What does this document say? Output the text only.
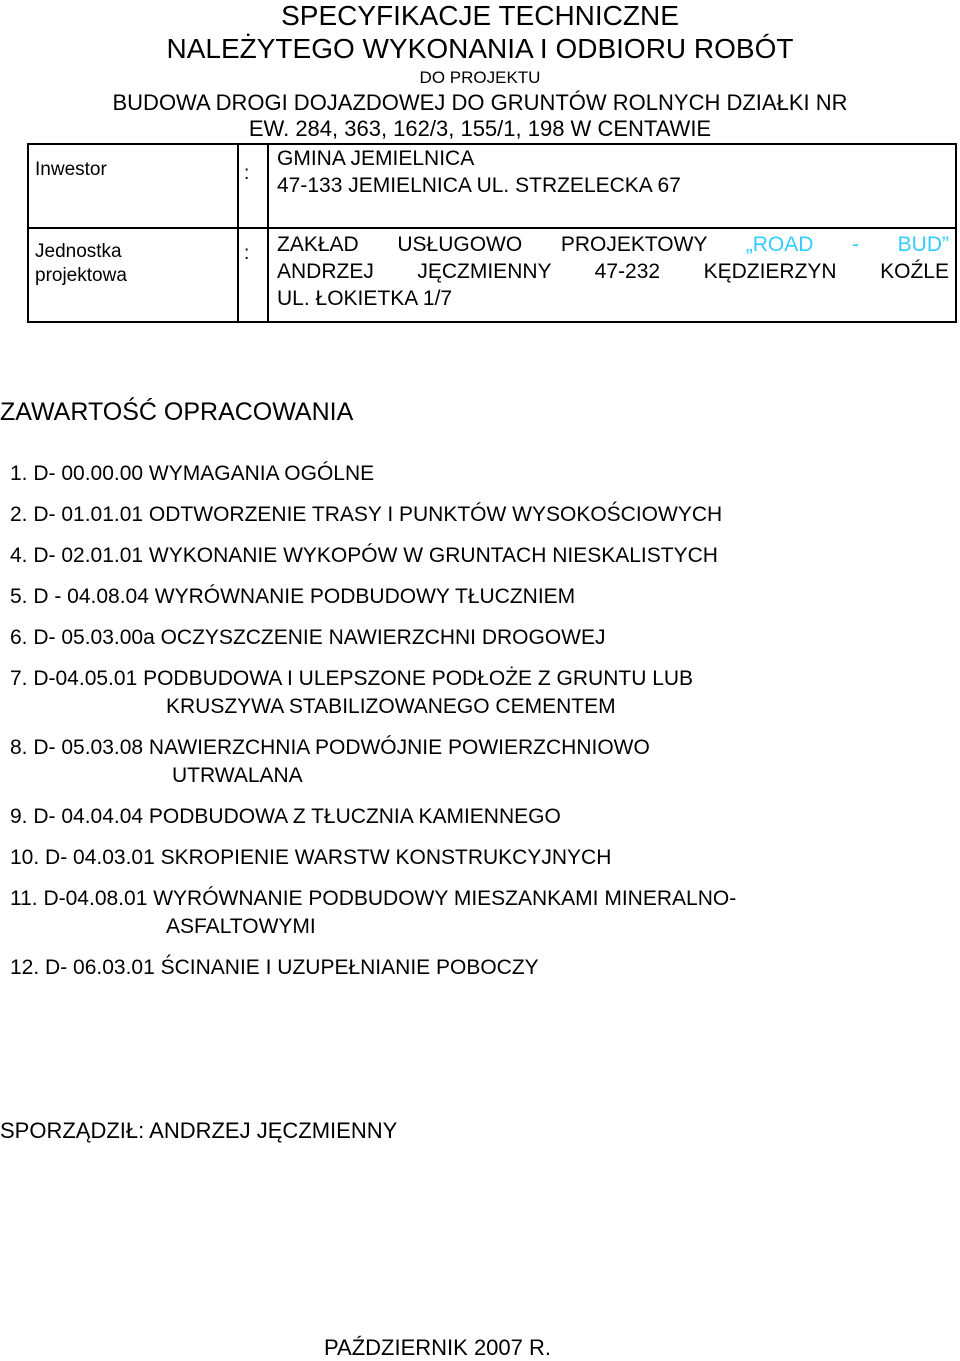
SPECYFIKACJE TECHNICZNE
NALEŻYTEGO WYKONANIA I ODBIORU ROBÓT
DO PROJEKTU
BUDOWA DROGI DOJAZDOWEJ DO GRUNTÓW ROLNYCH DZIAŁKI NR
EW. 284, 363, 162/3, 155/1, 198 W CENTAWIE
Inwestor	:
GMINA JEMIELNICA
47-133 JEMIELNICA UL. STRZELECKA 67
Jednostka
projektowa
: ZAKŁAD USŁUGOWO PROJEKTOWY „ROAD - BUD”
ANDRZEJ JĘCZMIENNY 47-232 KĘDZIERZYN KOŹLE
UL. ŁOKIETKA 1/7
ZAWARTOŚĆ OPRACOWANIA
1. D- 00.00.00 WYMAGANIA OGÓLNE
2. D- 01.01.01 ODTWORZENIE TRASY I PUNKTÓW WYSOKOŚCIOWYCH
4. D- 02.01.01 WYKONANIE WYKOPÓW W GRUNTACH NIESKALISTYCH
5. D - 04.08.04 WYRÓWNANIE PODBUDOWY TŁUCZNIEM
6. D- 05.03.00a OCZYSZCZENIE NAWIERZCHNI DROGOWEJ
7. D-04.05.01 PODBUDOWA I ULEPSZONE PODŁOŻE Z GRUNTU LUB
KRUSZYWA STABILIZOWANEGO CEMENTEM
8. D- 05.03.08 NAWIERZCHNIA PODWÓJNIE POWIERZCHNIOWO
UTRWALANA
9. D- 04.04.04 PODBUDOWA Z TŁUCZNIA KAMIENNEGO
10. D- 04.03.01 SKROPIENIE WARSTW KONSTRUKCYJNYCH
11. D-04.08.01 WYRÓWNANIE PODBUDOWY MIESZANKAMI MINERALNO-
ASFALTOWYMI
12. D- 06.03.01 ŚCINANIE I UZUPEŁNIANIE POBOCZY
SPORZĄDZIŁ: ANDRZEJ JĘCZMIENNY
PAŹDZIERNIK 2007 R.
